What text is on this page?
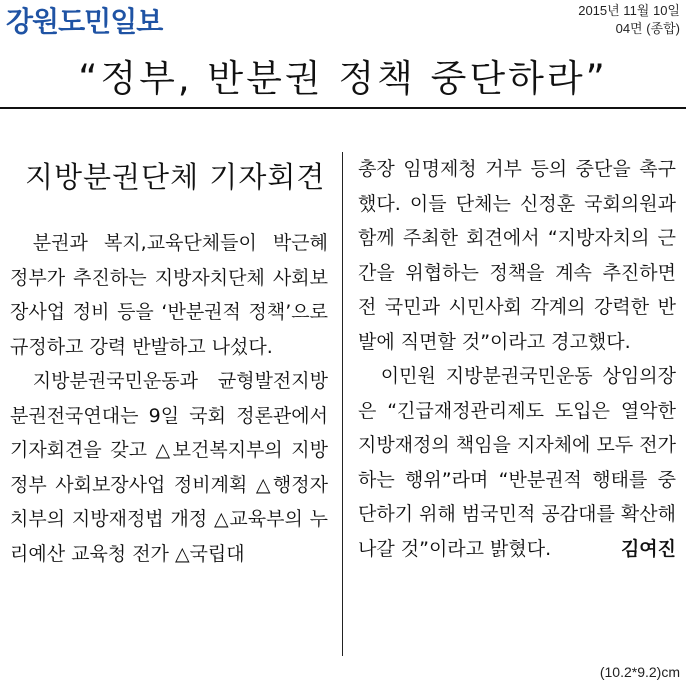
강원도민일보	2015년 11월 10일
04면 (종합)
“정부, 반분권 정책 중단하라”
지방분권단체 기자회견

분권과 복지,교육단체들이 박근혜 정부가 추진하는 지방자치단체 사회보장사업 정비 등을 ‘반분권적 정책’으로 규정하고 강력 반발하고 나섰다.

지방분권국민운동과 균형발전지방분권전국연대는 9일 국회 정론관에서 기자회견을 갖고 △보건복지부의 지방정부 사회보장사업 정비계획 △행정자치부의 지방재정법 개정 △교육부의 누리예산 교육청 전가 △국립대

총장 임명제청 거부 등의 중단을 촉구했다. 이들 단체는 신정훈 국회의원과 함께 주최한 회견에서 “지방자치의 근간을 위협하는 정책을 계속 추진하면 전 국민과 시민사회 각계의 강력한 반발에 직면할 것”이라고 경고했다.

이민원 지방분권국민운동 상임의장은 “긴급재정관리제도 도입은 열악한 지방재정의 책임을 지자체에 모두 전가하는 행위”라며 “반분권적 행태를 중단하기 위해 범국민적 공감대를 확산해 나갈 것”이라고 밝혔다.	김여진

(10.2*9.2)cm
